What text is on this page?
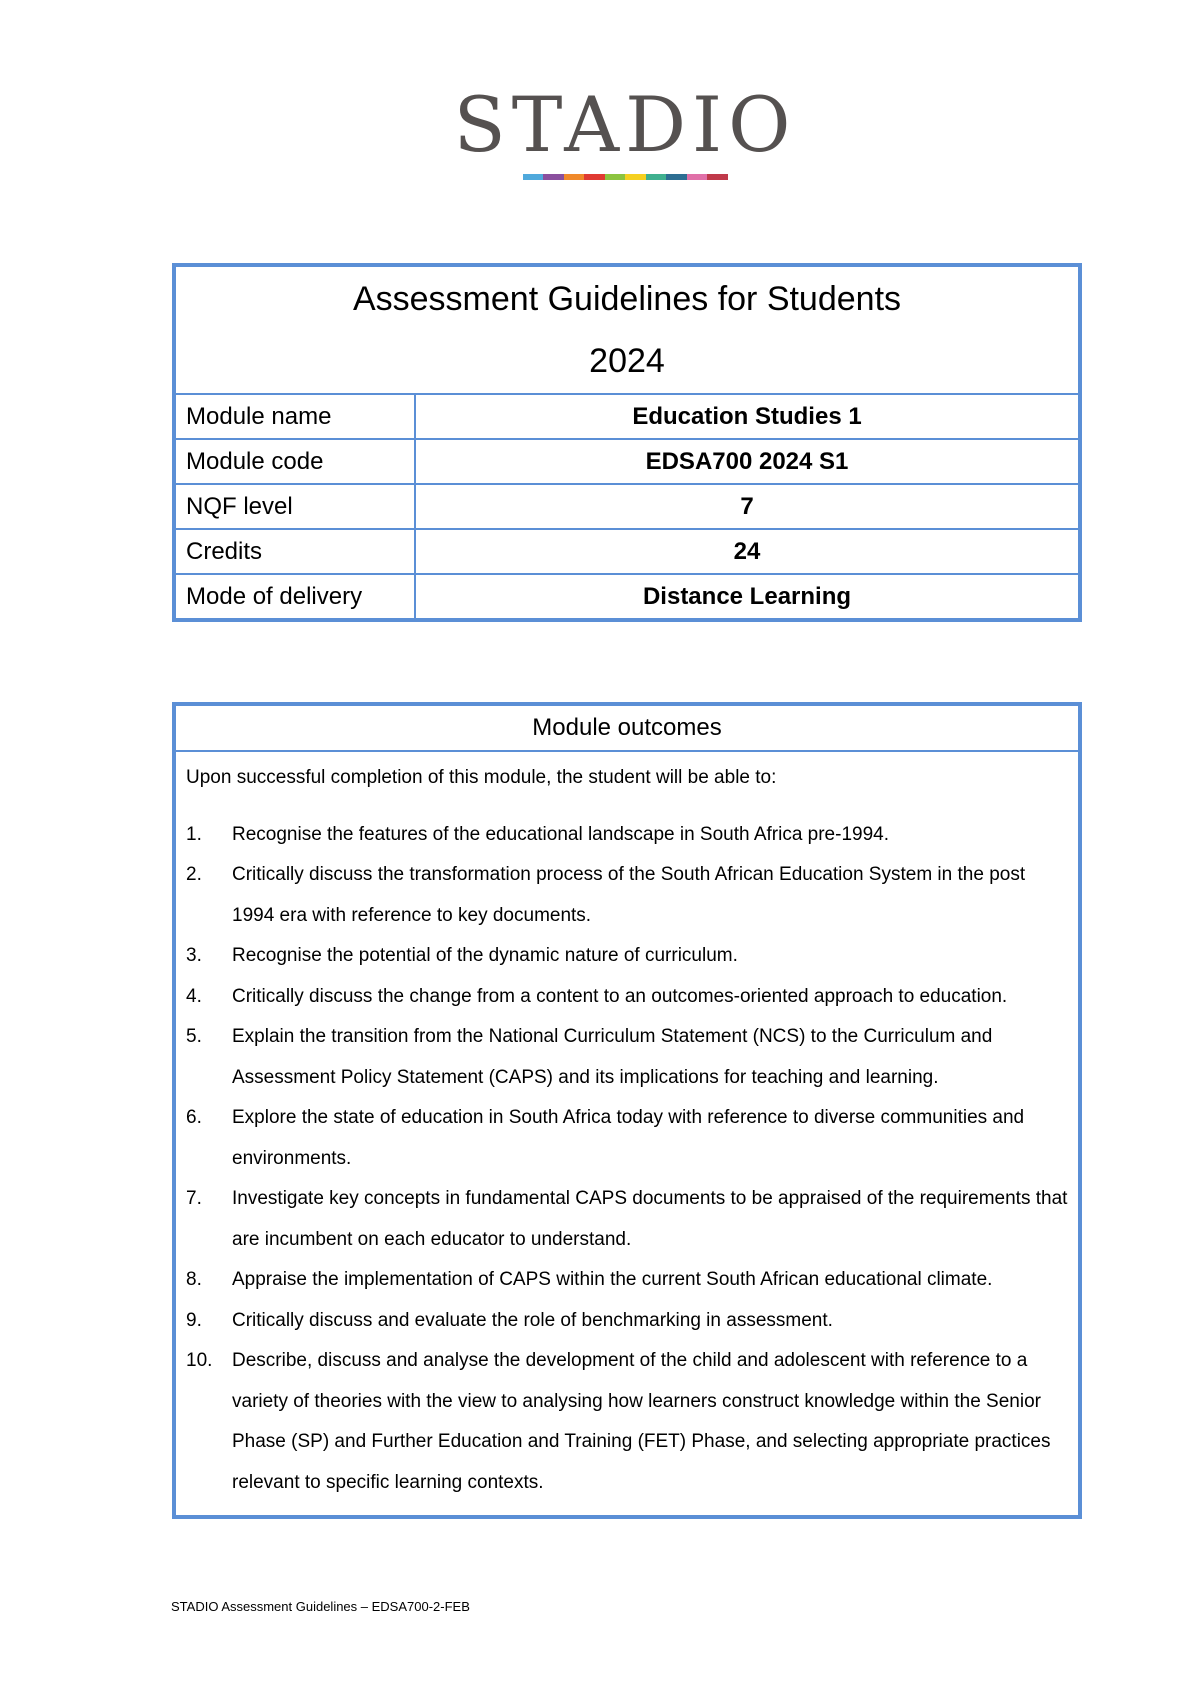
STADIO
Assessment Guidelines for Students
2024	

Module name	Education Studies 1
Module code	EDSA700 2024 S1
NQF level	7
Credits	24
Mode of delivery	Distance Learning
Module outcomes

Upon successful completion of this module, the student will be able to:
1.	Recognise the features of the educational landscape in South Africa pre-1994.
2.	Critically discuss the transformation process of the South African Education System in the post 1994 era with reference to key documents.
3.	Recognise the potential of the dynamic nature of curriculum.
4.	Critically discuss the change from a content to an outcomes-oriented approach to education.
5.	Explain the transition from the National Curriculum Statement (NCS) to the Curriculum and Assessment Policy Statement (CAPS) and its implications for teaching and learning.
6.	Explore the state of education in South Africa today with reference to diverse communities and environments.
7.	Investigate key concepts in fundamental CAPS documents to be appraised of the requirements that are incumbent on each educator to understand.
8.	Appraise the implementation of CAPS within the current South African educational climate.
9.	Critically discuss and evaluate the role of benchmarking in assessment.
10.	Describe, discuss and analyse the development of the child and adolescent with reference to a variety of theories with the view to analysing how learners construct knowledge within the Senior Phase (SP) and Further Education and Training (FET) Phase, and selecting appropriate practices relevant to specific learning contexts.
STADIO Assessment Guidelines – EDSA700-2-FEB
